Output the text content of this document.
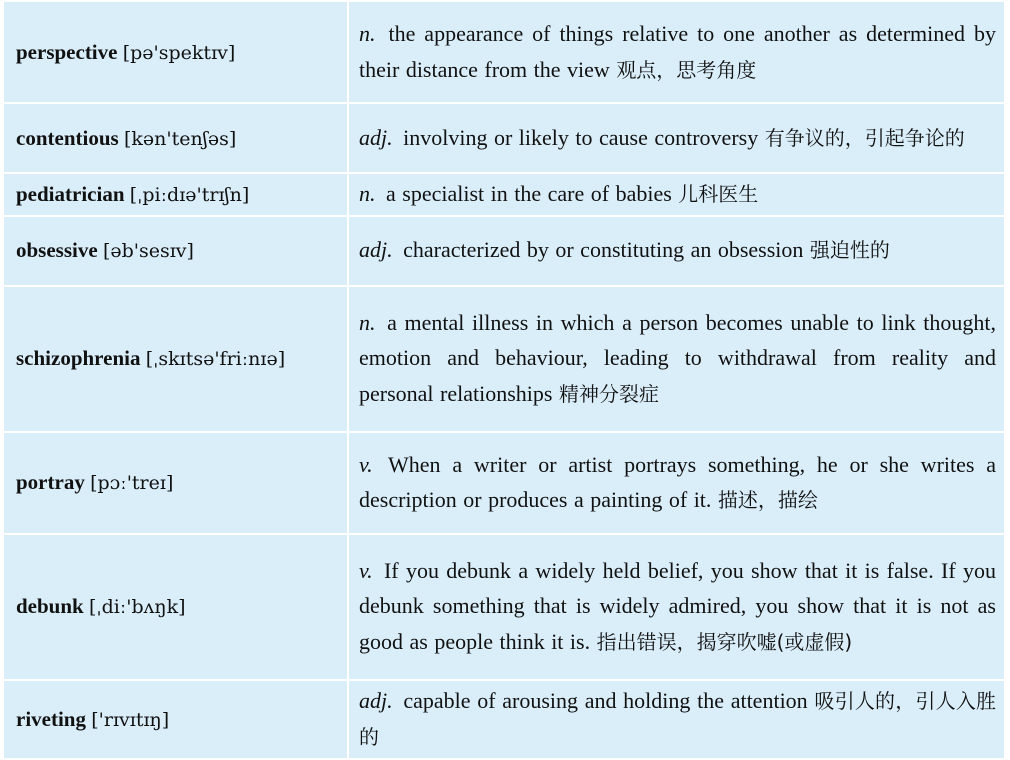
perspective [pə'spektɪv]	n. the appearance of things relative to one another as determined by their distance from the view 观点，思考角度
contentious [kən'tenʃəs]	adj. involving or likely to cause controversy 有争议的，引起争论的
pediatrician [ˌpiːdɪə'trɪʃn]	n. a specialist in the care of babies 儿科医生
obsessive [əb'sesɪv]	adj. characterized by or constituting an obsession 强迫性的
schizophrenia [ˌskɪtsə'friːnɪə]	n. a mental illness in which a person becomes unable to link thought, emotion and behaviour, leading to withdrawal from reality and personal relationships 精神分裂症
portray [pɔː'treɪ]	v. When a writer or artist portrays something, he or she writes a description or produces a painting of it. 描述，描绘
debunk [ˌdiː'bʌŋk]	v. If you debunk a widely held belief, you show that it is false. If you debunk something that is widely admired, you show that it is not as good as people think it is. 指出错误，揭穿吹嘘(或虚假)
riveting ['rɪvɪtɪŋ]	adj. capable of arousing and holding the attention 吸引人的，引人入胜的
